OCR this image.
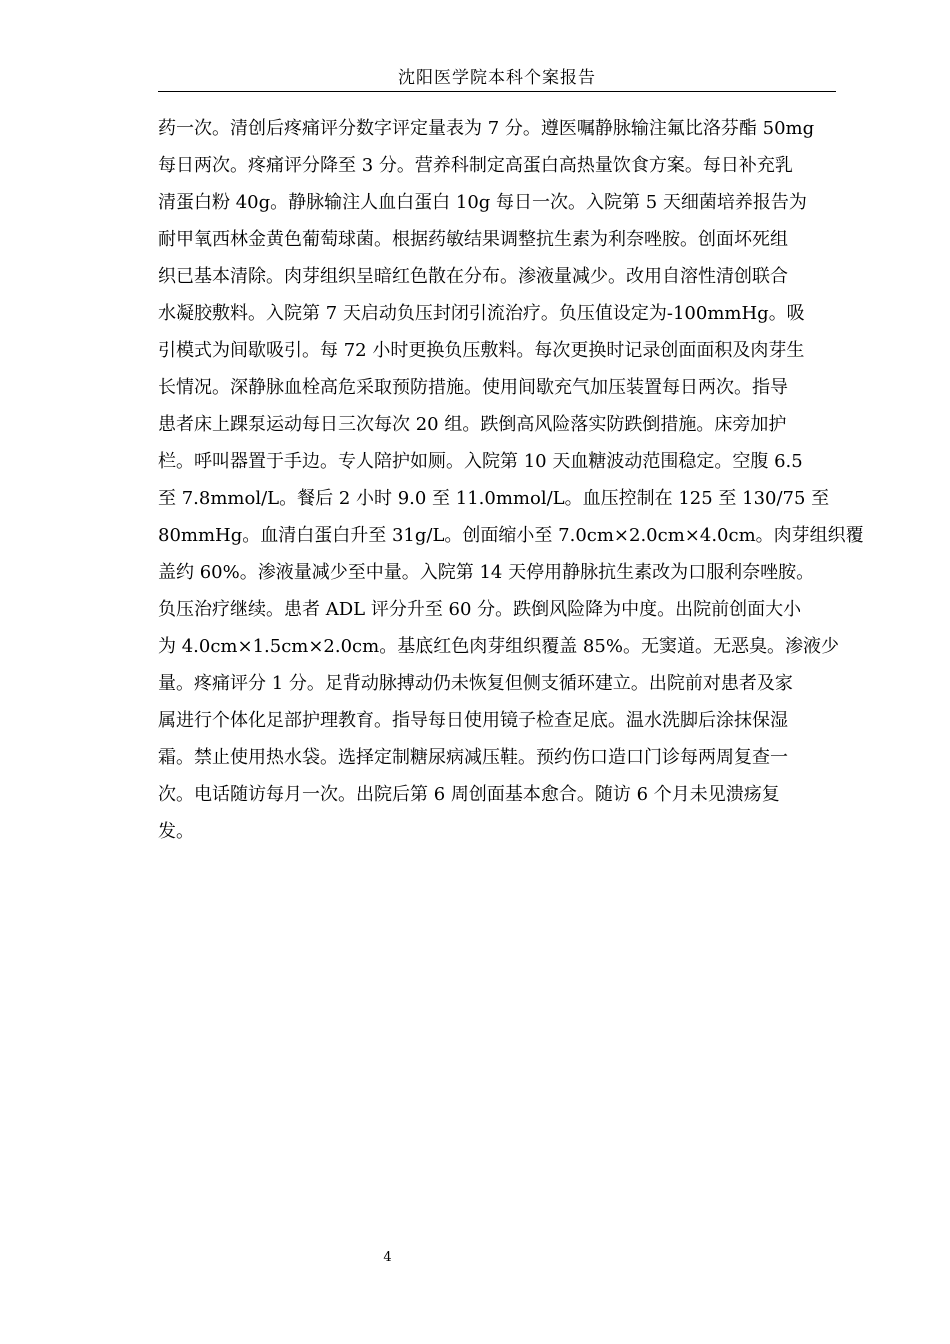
沈阳医学院本科个案报告
药一次。清创后疼痛评分数字评定量表为 7 分。遵医嘱静脉输注氟比洛芬酯 50mg
每日两次。疼痛评分降至 3 分。营养科制定高蛋白高热量饮食方案。每日补充乳
清蛋白粉 40g。静脉输注人血白蛋白 10g 每日一次。入院第 5 天细菌培养报告为
耐甲氧西林金黄色葡萄球菌。根据药敏结果调整抗生素为利奈唑胺。创面坏死组
织已基本清除。肉芽组织呈暗红色散在分布。渗液量减少。改用自溶性清创联合
水凝胶敷料。入院第 7 天启动负压封闭引流治疗。负压值设定为-100mmHg。吸
引模式为间歇吸引。每 72 小时更换负压敷料。每次更换时记录创面面积及肉芽生
长情况。深静脉血栓高危采取预防措施。使用间歇充气加压装置每日两次。指导
患者床上踝泵运动每日三次每次 20 组。跌倒高风险落实防跌倒措施。床旁加护
栏。呼叫器置于手边。专人陪护如厕。入院第 10 天血糖波动范围稳定。空腹 6.5
至 7.8mmol/L。餐后 2 小时 9.0 至 11.0mmol/L。血压控制在 125 至 130/75 至
80mmHg。血清白蛋白升至 31g/L。创面缩小至 7.0cm×2.0cm×4.0cm。肉芽组织覆
盖约 60%。渗液量减少至中量。入院第 14 天停用静脉抗生素改为口服利奈唑胺。
负压治疗继续。患者 ADL 评分升至 60 分。跌倒风险降为中度。出院前创面大小
为 4.0cm×1.5cm×2.0cm。基底红色肉芽组织覆盖 85%。无窦道。无恶臭。渗液少
量。疼痛评分 1 分。足背动脉搏动仍未恢复但侧支循环建立。出院前对患者及家
属进行个体化足部护理教育。指导每日使用镜子检查足底。温水洗脚后涂抹保湿
霜。禁止使用热水袋。选择定制糖尿病减压鞋。预约伤口造口门诊每两周复查一
次。电话随访每月一次。出院后第 6 周创面基本愈合。随访 6 个月未见溃疡复
发。
4
